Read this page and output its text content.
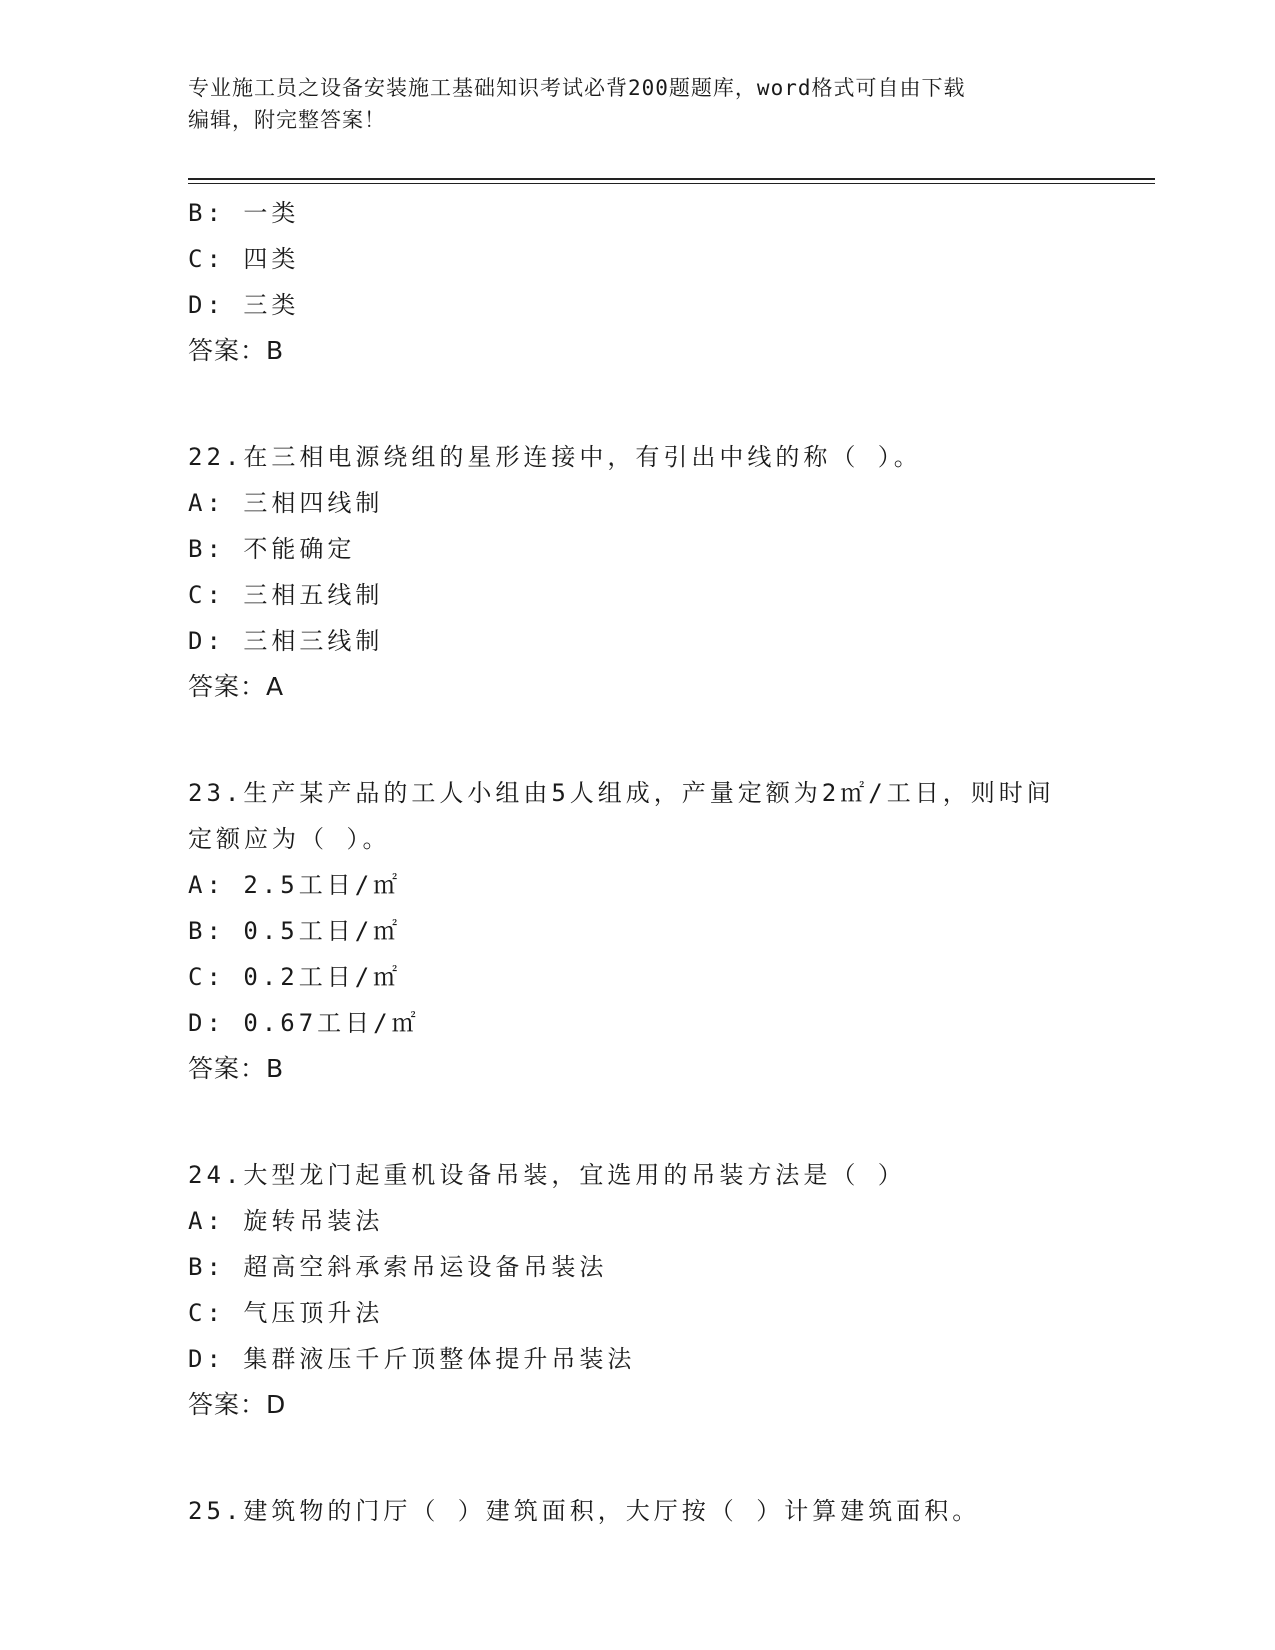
专业施工员之设备安装施工基础知识考试必背200题题库，word格式可自由下载
编辑，附完整答案！
B: 一类
C: 四类
D: 三类
答案：B
22.在三相电源绕组的星形连接中，有引出中线的称（ ）。
A: 三相四线制
B: 不能确定
C: 三相五线制
D: 三相三线制
答案：A
23.生产某产品的工人小组由5人组成，产量定额为2㎡/工日，则时间
定额应为（ ）。
A: 2.5工日/㎡
B: 0.5工日/㎡
C: 0.2工日/㎡
D: 0.67工日/㎡
答案：B
24.大型龙门起重机设备吊装，宜选用的吊装方法是（ ）
A: 旋转吊装法
B: 超高空斜承索吊运设备吊装法
C: 气压顶升法
D: 集群液压千斤顶整体提升吊装法
答案：D
25.建筑物的门厅（ ）建筑面积，大厅按（ ）计算建筑面积。
